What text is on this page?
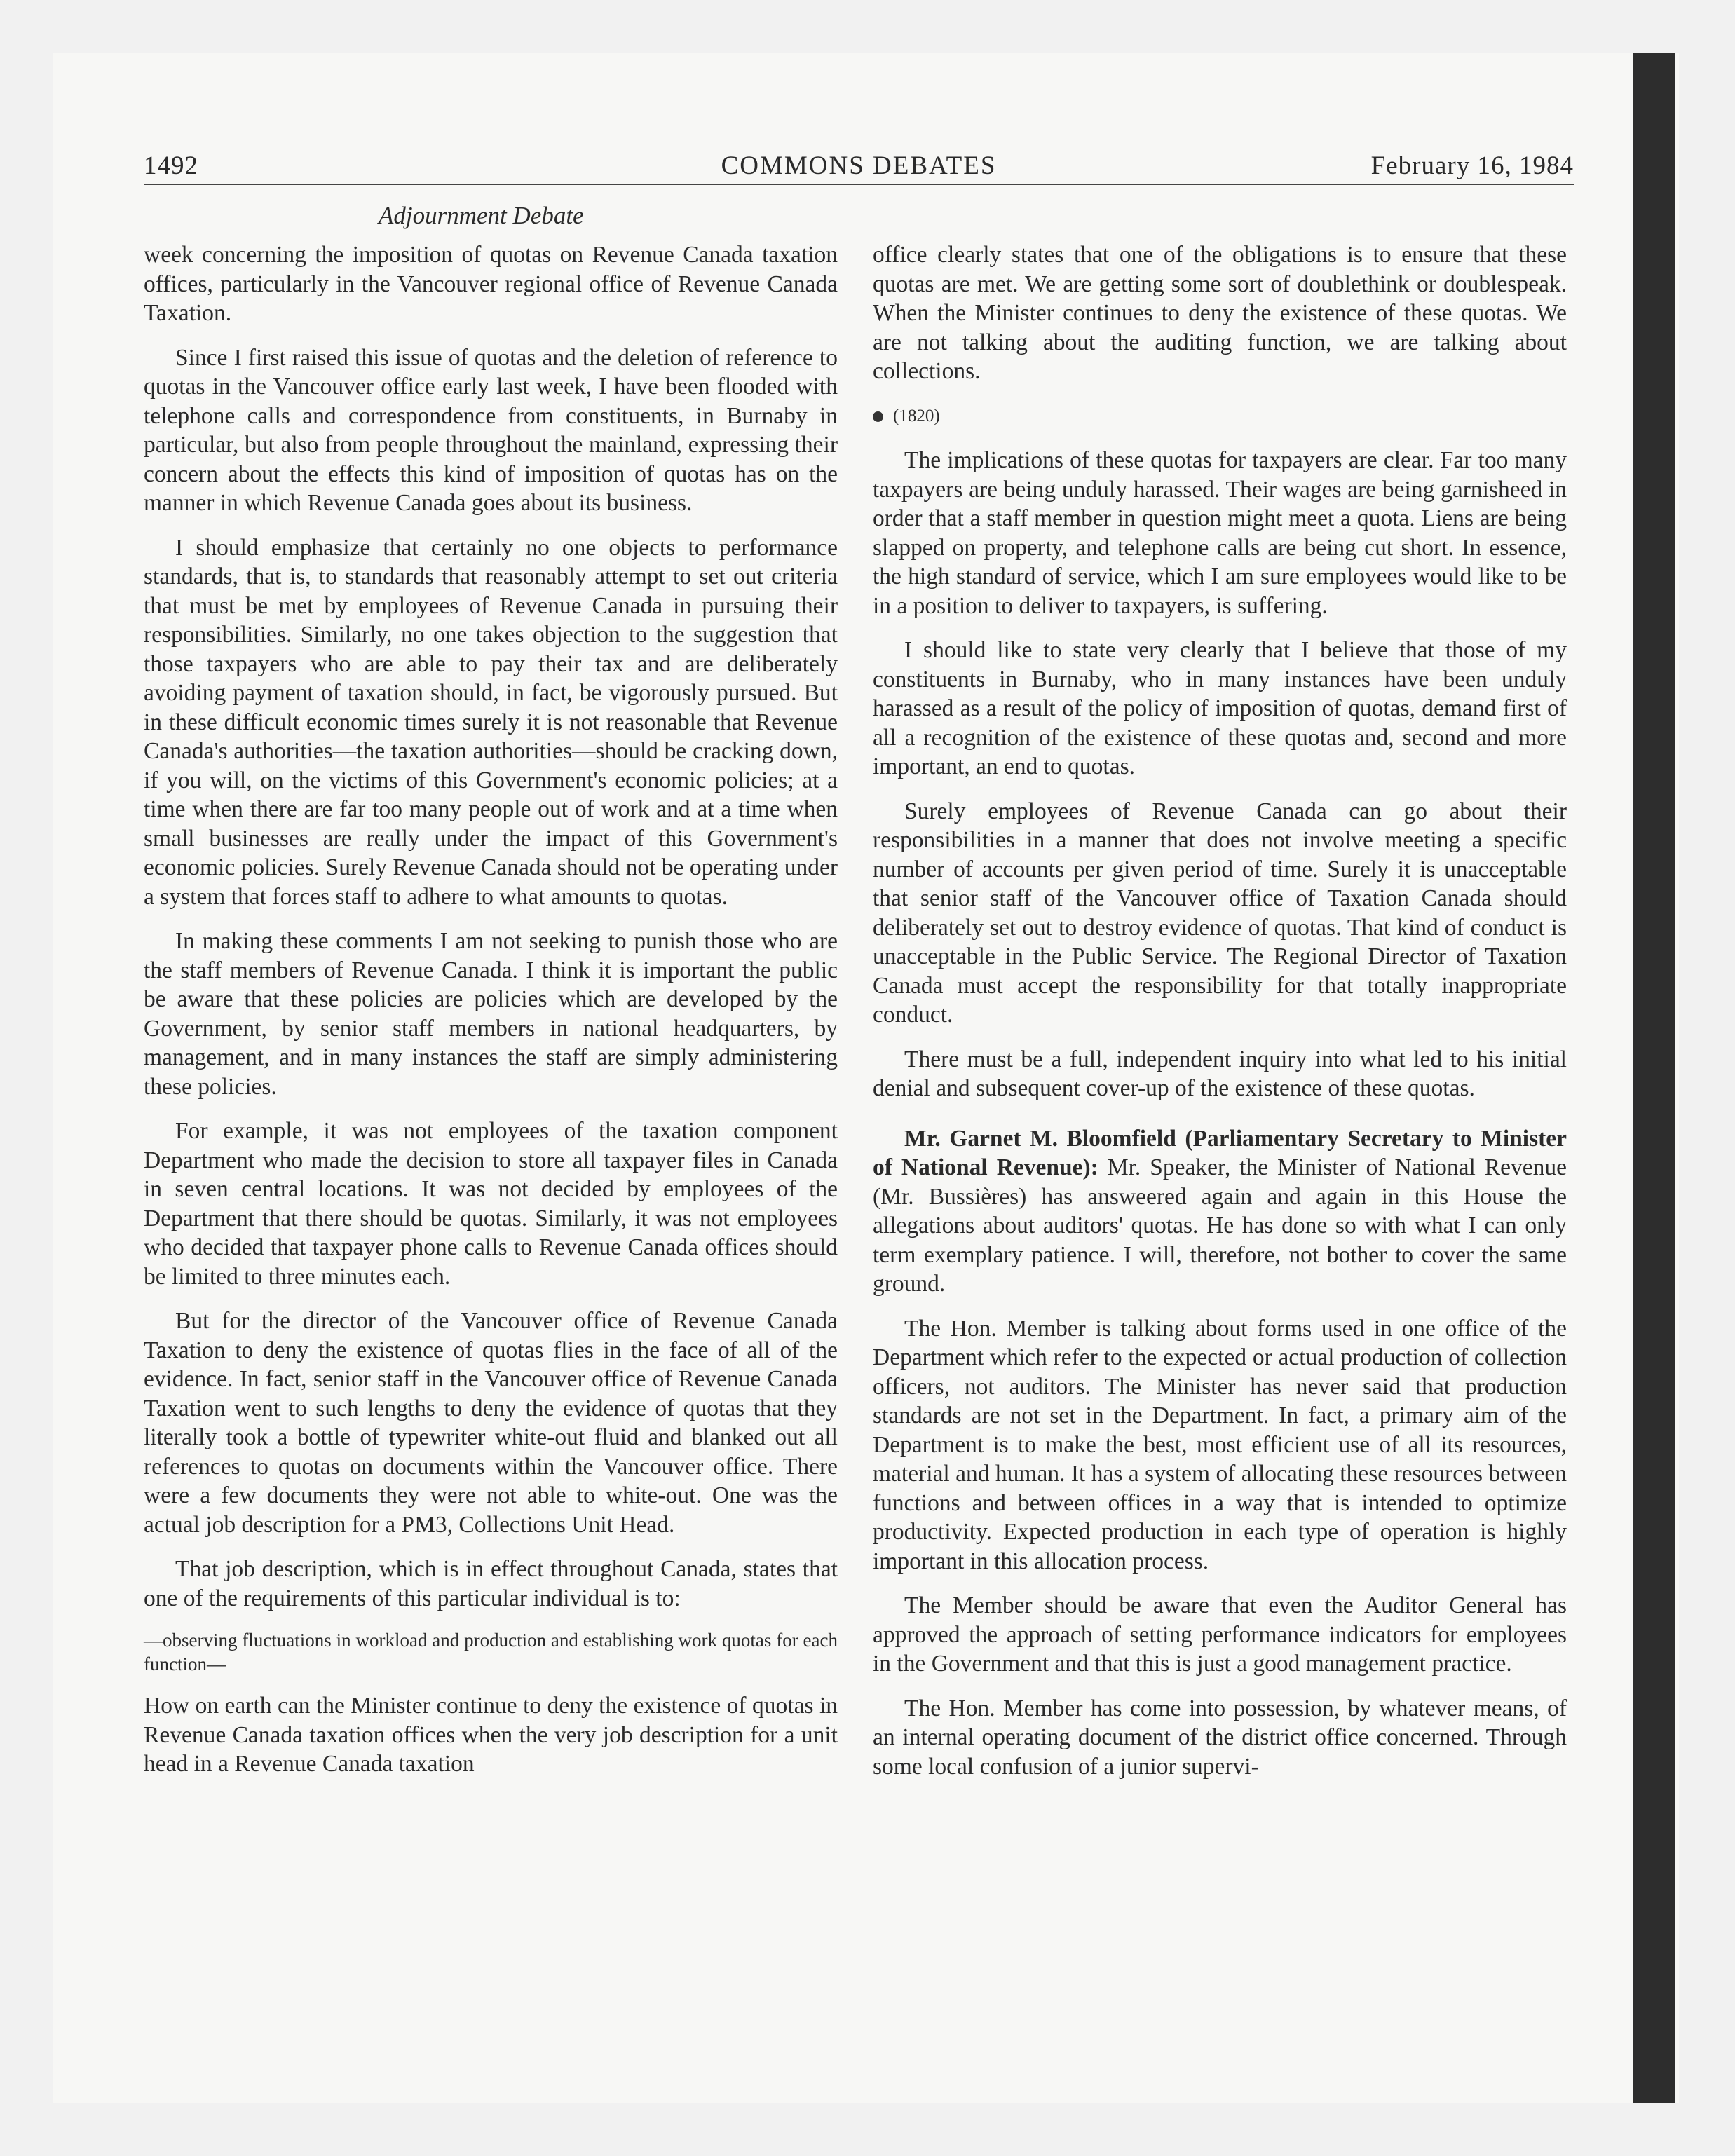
1492	COMMONS DEBATES	February 16, 1984
Adjournment Debate

week concerning the imposition of quotas on Revenue Canada taxation offices, particularly in the Vancouver regional office of Revenue Canada Taxation.

Since I first raised this issue of quotas and the deletion of reference to quotas in the Vancouver office early last week, I have been flooded with telephone calls and correspondence from constituents, in Burnaby in particular, but also from people throughout the mainland, expressing their concern about the effects this kind of imposition of quotas has on the manner in which Revenue Canada goes about its business.

I should emphasize that certainly no one objects to performance standards, that is, to standards that reasonably attempt to set out criteria that must be met by employees of Revenue Canada in pursuing their responsibilities. Similarly, no one takes objection to the suggestion that those taxpayers who are able to pay their tax and are deliberately avoiding payment of taxation should, in fact, be vigorously pursued. But in these difficult economic times surely it is not reasonable that Revenue Canada's authorities—the taxation authorities—should be cracking down, if you will, on the victims of this Government's economic policies; at a time when there are far too many people out of work and at a time when small businesses are really under the impact of this Government's economic policies. Surely Revenue Canada should not be operating under a system that forces staff to adhere to what amounts to quotas.

In making these comments I am not seeking to punish those who are the staff members of Revenue Canada. I think it is important the public be aware that these policies are policies which are developed by the Government, by senior staff members in national headquarters, by management, and in many instances the staff are simply administering these policies.

For example, it was not employees of the taxation component Department who made the decision to store all taxpayer files in Canada in seven central locations. It was not decided by employees of the Department that there should be quotas. Similarly, it was not employees who decided that taxpayer phone calls to Revenue Canada offices should be limited to three minutes each.

But for the director of the Vancouver office of Revenue Canada Taxation to deny the existence of quotas flies in the face of all of the evidence. In fact, senior staff in the Vancouver office of Revenue Canada Taxation went to such lengths to deny the evidence of quotas that they literally took a bottle of typewriter white-out fluid and blanked out all references to quotas on documents within the Vancouver office. There were a few documents they were not able to white-out. One was the actual job description for a PM3, Collections Unit Head.

That job description, which is in effect throughout Canada, states that one of the requirements of this particular individual is to:

—observing fluctuations in workload and production and establishing work quotas for each function—

How on earth can the Minister continue to deny the existence of quotas in Revenue Canada taxation offices when the very job description for a unit head in a Revenue Canada taxation

office clearly states that one of the obligations is to ensure that these quotas are met. We are getting some sort of doublethink or doublespeak. When the Minister continues to deny the existence of these quotas. We are not talking about the auditing function, we are talking about collections.

(1820)

The implications of these quotas for taxpayers are clear. Far too many taxpayers are being unduly harassed. Their wages are being garnisheed in order that a staff member in question might meet a quota. Liens are being slapped on property, and telephone calls are being cut short. In essence, the high standard of service, which I am sure employees would like to be in a position to deliver to taxpayers, is suffering.

I should like to state very clearly that I believe that those of my constituents in Burnaby, who in many instances have been unduly harassed as a result of the policy of imposition of quotas, demand first of all a recognition of the existence of these quotas and, second and more important, an end to quotas.

Surely employees of Revenue Canada can go about their responsibilities in a manner that does not involve meeting a specific number of accounts per given period of time. Surely it is unacceptable that senior staff of the Vancouver office of Taxation Canada should deliberately set out to destroy evidence of quotas. That kind of conduct is unacceptable in the Public Service. The Regional Director of Taxation Canada must accept the responsibility for that totally inappropriate conduct.

There must be a full, independent inquiry into what led to his initial denial and subsequent cover-up of the existence of these quotas.

Mr. Garnet M. Bloomfield (Parliamentary Secretary to Minister of National Revenue): Mr. Speaker, the Minister of National Revenue (Mr. Bussières) has answeered again and again in this House the allegations about auditors' quotas. He has done so with what I can only term exemplary patience. I will, therefore, not bother to cover the same ground.

The Hon. Member is talking about forms used in one office of the Department which refer to the expected or actual production of collection officers, not auditors. The Minister has never said that production standards are not set in the Department. In fact, a primary aim of the Department is to make the best, most efficient use of all its resources, material and human. It has a system of allocating these resources between functions and between offices in a way that is intended to optimize productivity. Expected production in each type of operation is highly important in this allocation process.

The Member should be aware that even the Auditor General has approved the approach of setting performance indicators for employees in the Government and that this is just a good management practice.

The Hon. Member has come into possession, by whatever means, of an internal operating document of the district office concerned. Through some local confusion of a junior supervi-
